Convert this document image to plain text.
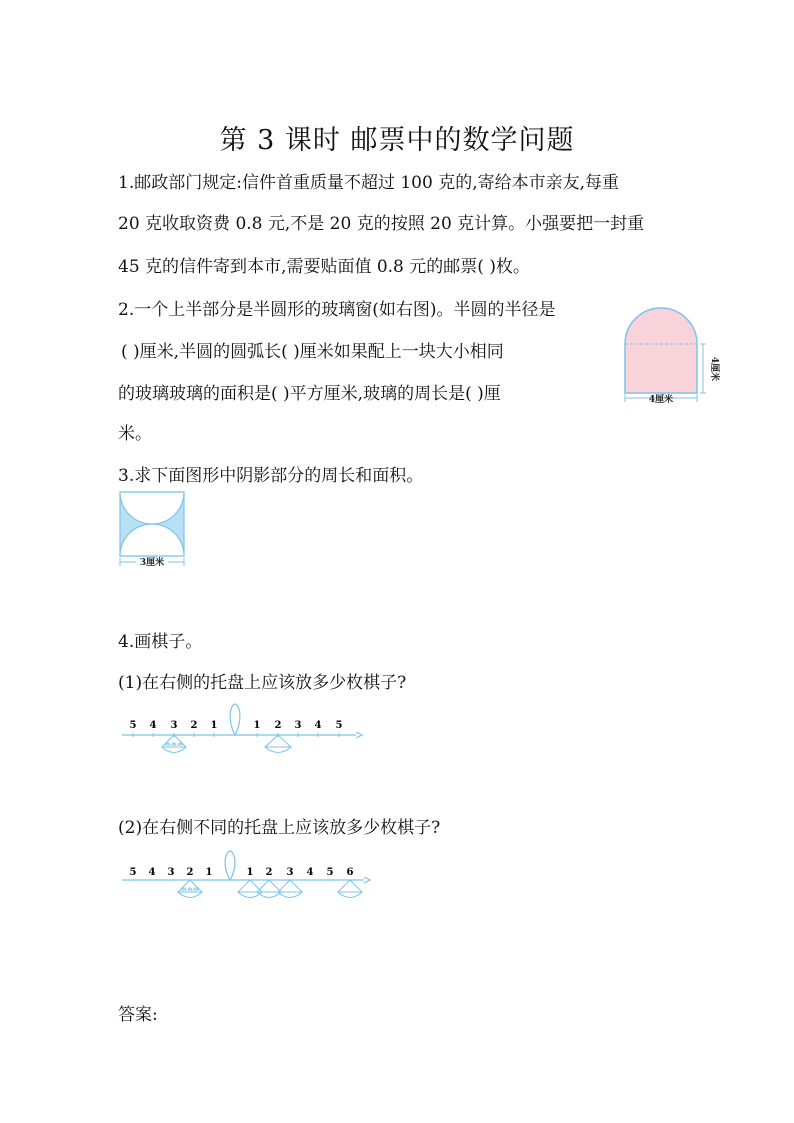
第 3 课时 邮票中的数学问题
1.邮政部门规定:信件首重质量不超过 100 克的,寄给本市亲友,每重
20 克收取资费 0.8 元,不是 20 克的按照 20 克计算。小强要把一封重
45 克的信件寄到本市,需要贴面值 0.8 元的邮票( )枚。
2.一个上半部分是半圆形的玻璃窗(如右图)。半圆的半径是
( )厘米,半圆的圆弧长( )厘米如果配上一块大小相同
的玻璃玻璃的面积是( )平方厘米,玻璃的周长是( )厘
米。
4厘米
4厘米
3.求下面图形中阴影部分的周长和面积。
3厘米
4.画棋子。
(1)在右侧的托盘上应该放多少枚棋子?
5 4 3 2 1	1 2 3 4 5
(2)在右侧不同的托盘上应该放多少枚棋子?
5 4 3 2 1	1 2 3 4 5 6
答案:
